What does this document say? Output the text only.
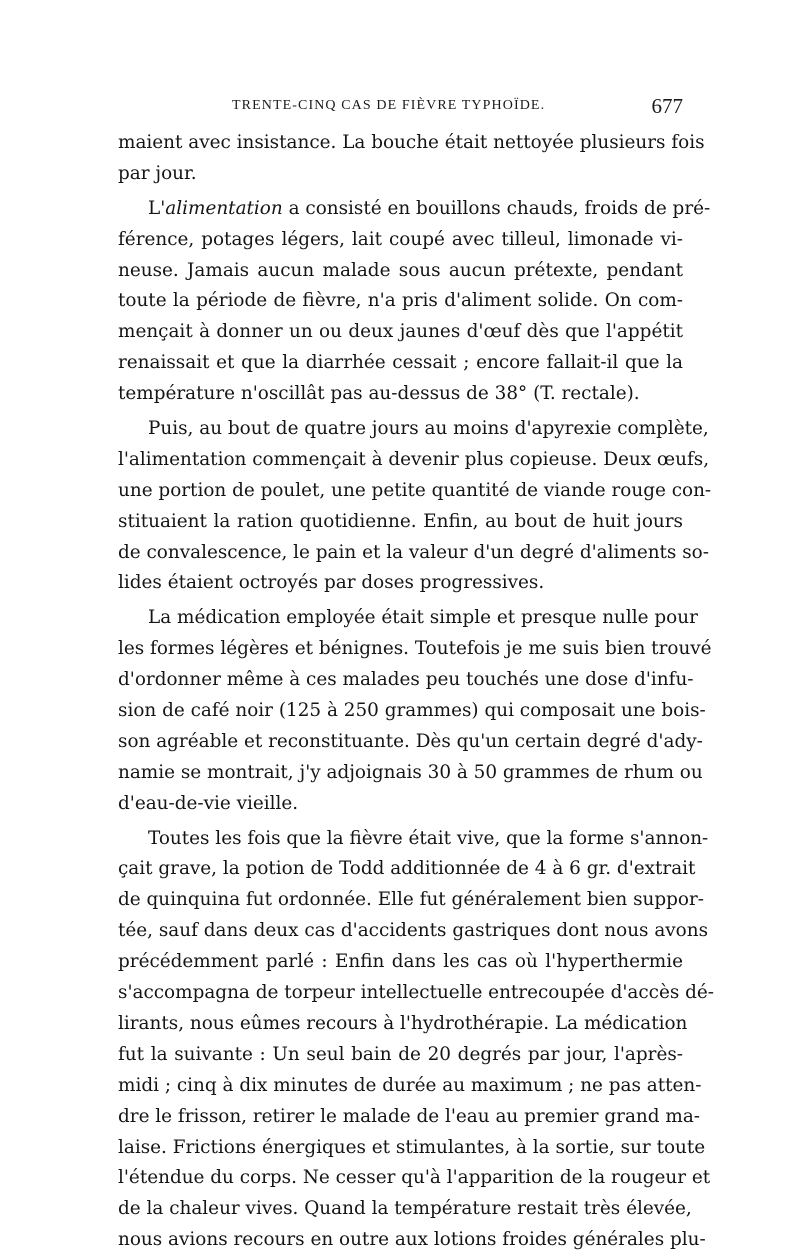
TRENTE-CINQ CAS DE FIÈVRE TYPHOÏDE.	677
maient avec insistance. La bouche était nettoyée plusieurs fois
par jour.
L'alimentation a consisté en bouillons chauds, froids de pré-
férence, potages légers, lait coupé avec tilleul, limonade vi-
neuse. Jamais aucun malade sous aucun prétexte, pendant
toute la période de fièvre, n'a pris d'aliment solide. On com-
mençait à donner un ou deux jaunes d'œuf dès que l'appétit
renaissait et que la diarrhée cessait ; encore fallait-il que la
température n'oscillât pas au-dessus de 38° (T. rectale).
Puis, au bout de quatre jours au moins d'apyrexie complète,
l'alimentation commençait à devenir plus copieuse. Deux œufs,
une portion de poulet, une petite quantité de viande rouge con-
stituaient la ration quotidienne. Enfin, au bout de huit jours
de convalescence, le pain et la valeur d'un degré d'aliments so-
lides étaient octroyés par doses progressives.
La médication employée était simple et presque nulle pour
les formes légères et bénignes. Toutefois je me suis bien trouvé
d'ordonner même à ces malades peu touchés une dose d'infu-
sion de café noir (125 à 250 grammes) qui composait une bois-
son agréable et reconstituante. Dès qu'un certain degré d'ady-
namie se montrait, j'y adjoignais 30 à 50 grammes de rhum ou
d'eau-de-vie vieille.
Toutes les fois que la fièvre était vive, que la forme s'annon-
çait grave, la potion de Todd additionnée de 4 à 6 gr. d'extrait
de quinquina fut ordonnée. Elle fut généralement bien suppor-
tée, sauf dans deux cas d'accidents gastriques dont nous avons
précédemment parlé : Enfin dans les cas où l'hyperthermie
s'accompagna de torpeur intellectuelle entrecoupée d'accès dé-
lirants, nous eûmes recours à l'hydrothérapie. La médication
fut la suivante : Un seul bain de 20 degrés par jour, l'après-
midi ; cinq à dix minutes de durée au maximum ; ne pas atten-
dre le frisson, retirer le malade de l'eau au premier grand ma-
laise. Frictions énergiques et stimulantes, à la sortie, sur toute
l'étendue du corps. Ne cesser qu'à l'apparition de la rougeur et
de la chaleur vives. Quand la température restait très élevée,
nous avions recours en outre aux lotions froides générales plu-
